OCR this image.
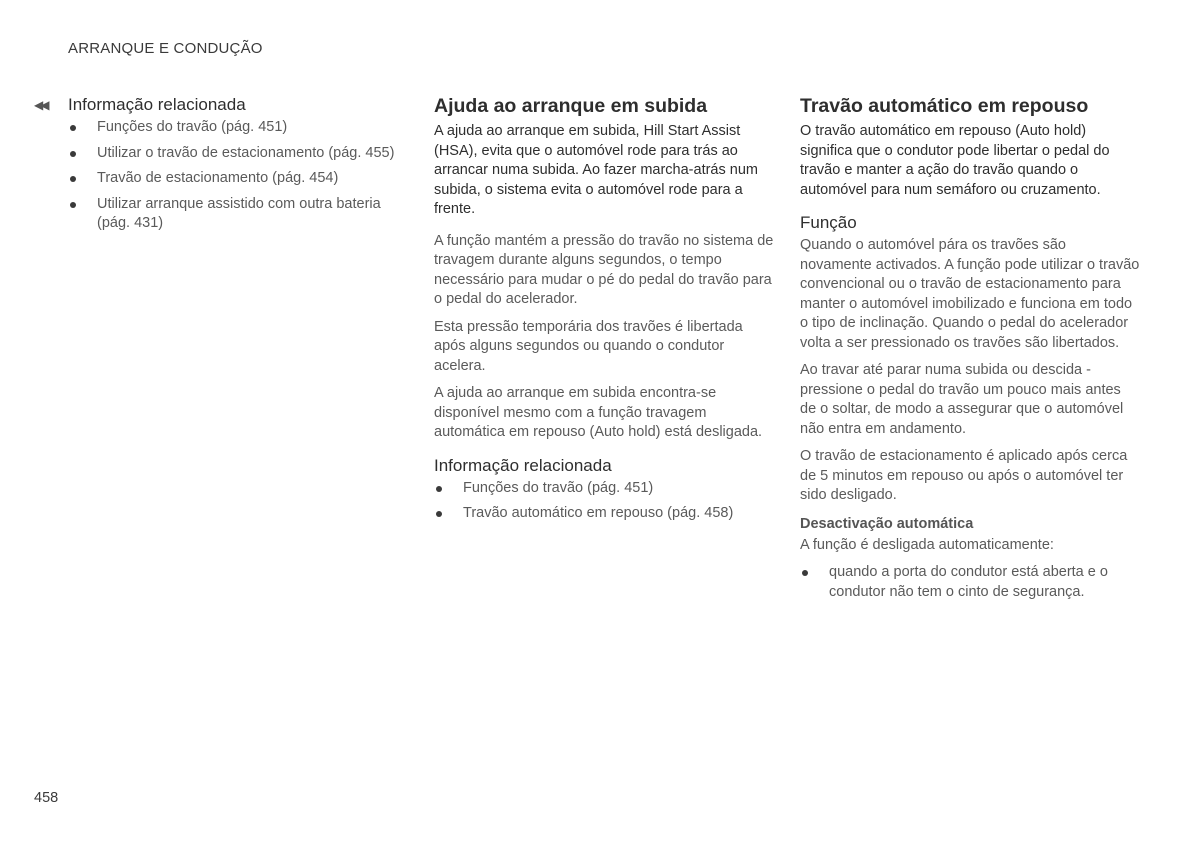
ARRANQUE E CONDUÇÃO
◀◀ Informação relacionada
Funções do travão (pág. 451)
Utilizar o travão de estacionamento (pág. 455)
Travão de estacionamento (pág. 454)
Utilizar arranque assistido com outra bateria (pág. 431)
Ajuda ao arranque em subida

A ajuda ao arranque em subida, Hill Start Assist (HSA), evita que o automóvel rode para trás ao arrancar numa subida. Ao fazer marcha-atrás num subida, o sistema evita o automóvel rode para a frente.

A função mantém a pressão do travão no sistema de travagem durante alguns segundos, o tempo necessário para mudar o pé do pedal do travão para o pedal do acelerador.

Esta pressão temporária dos travões é libertada após alguns segundos ou quando o condutor acelera.

A ajuda ao arranque em subida encontra-se disponível mesmo com a função travagem automática em repouso (Auto hold) está desligada.

Informação relacionada
Funções do travão (pág. 451)
Travão automático em repouso (pág. 458)
Travão automático em repouso

O travão automático em repouso (Auto hold) significa que o condutor pode libertar o pedal do travão e manter a ação do travão quando o automóvel para num semáforo ou cruzamento.

Função

Quando o automóvel pára os travões são novamente activados. A função pode utilizar o travão convencional ou o travão de estacionamento para manter o automóvel imobilizado e funciona em todo o tipo de inclinação. Quando o pedal do acelerador volta a ser pressionado os travões são libertados.

Ao travar até parar numa subida ou descida - pressione o pedal do travão um pouco mais antes de o soltar, de modo a assegurar que o automóvel não entra em andamento.

O travão de estacionamento é aplicado após cerca de 5 minutos em repouso ou após o automóvel ter sido desligado.

Desactivação automática

A função é desligada automaticamente:

quando a porta do condutor está aberta e o condutor não tem o cinto de segurança.
458
